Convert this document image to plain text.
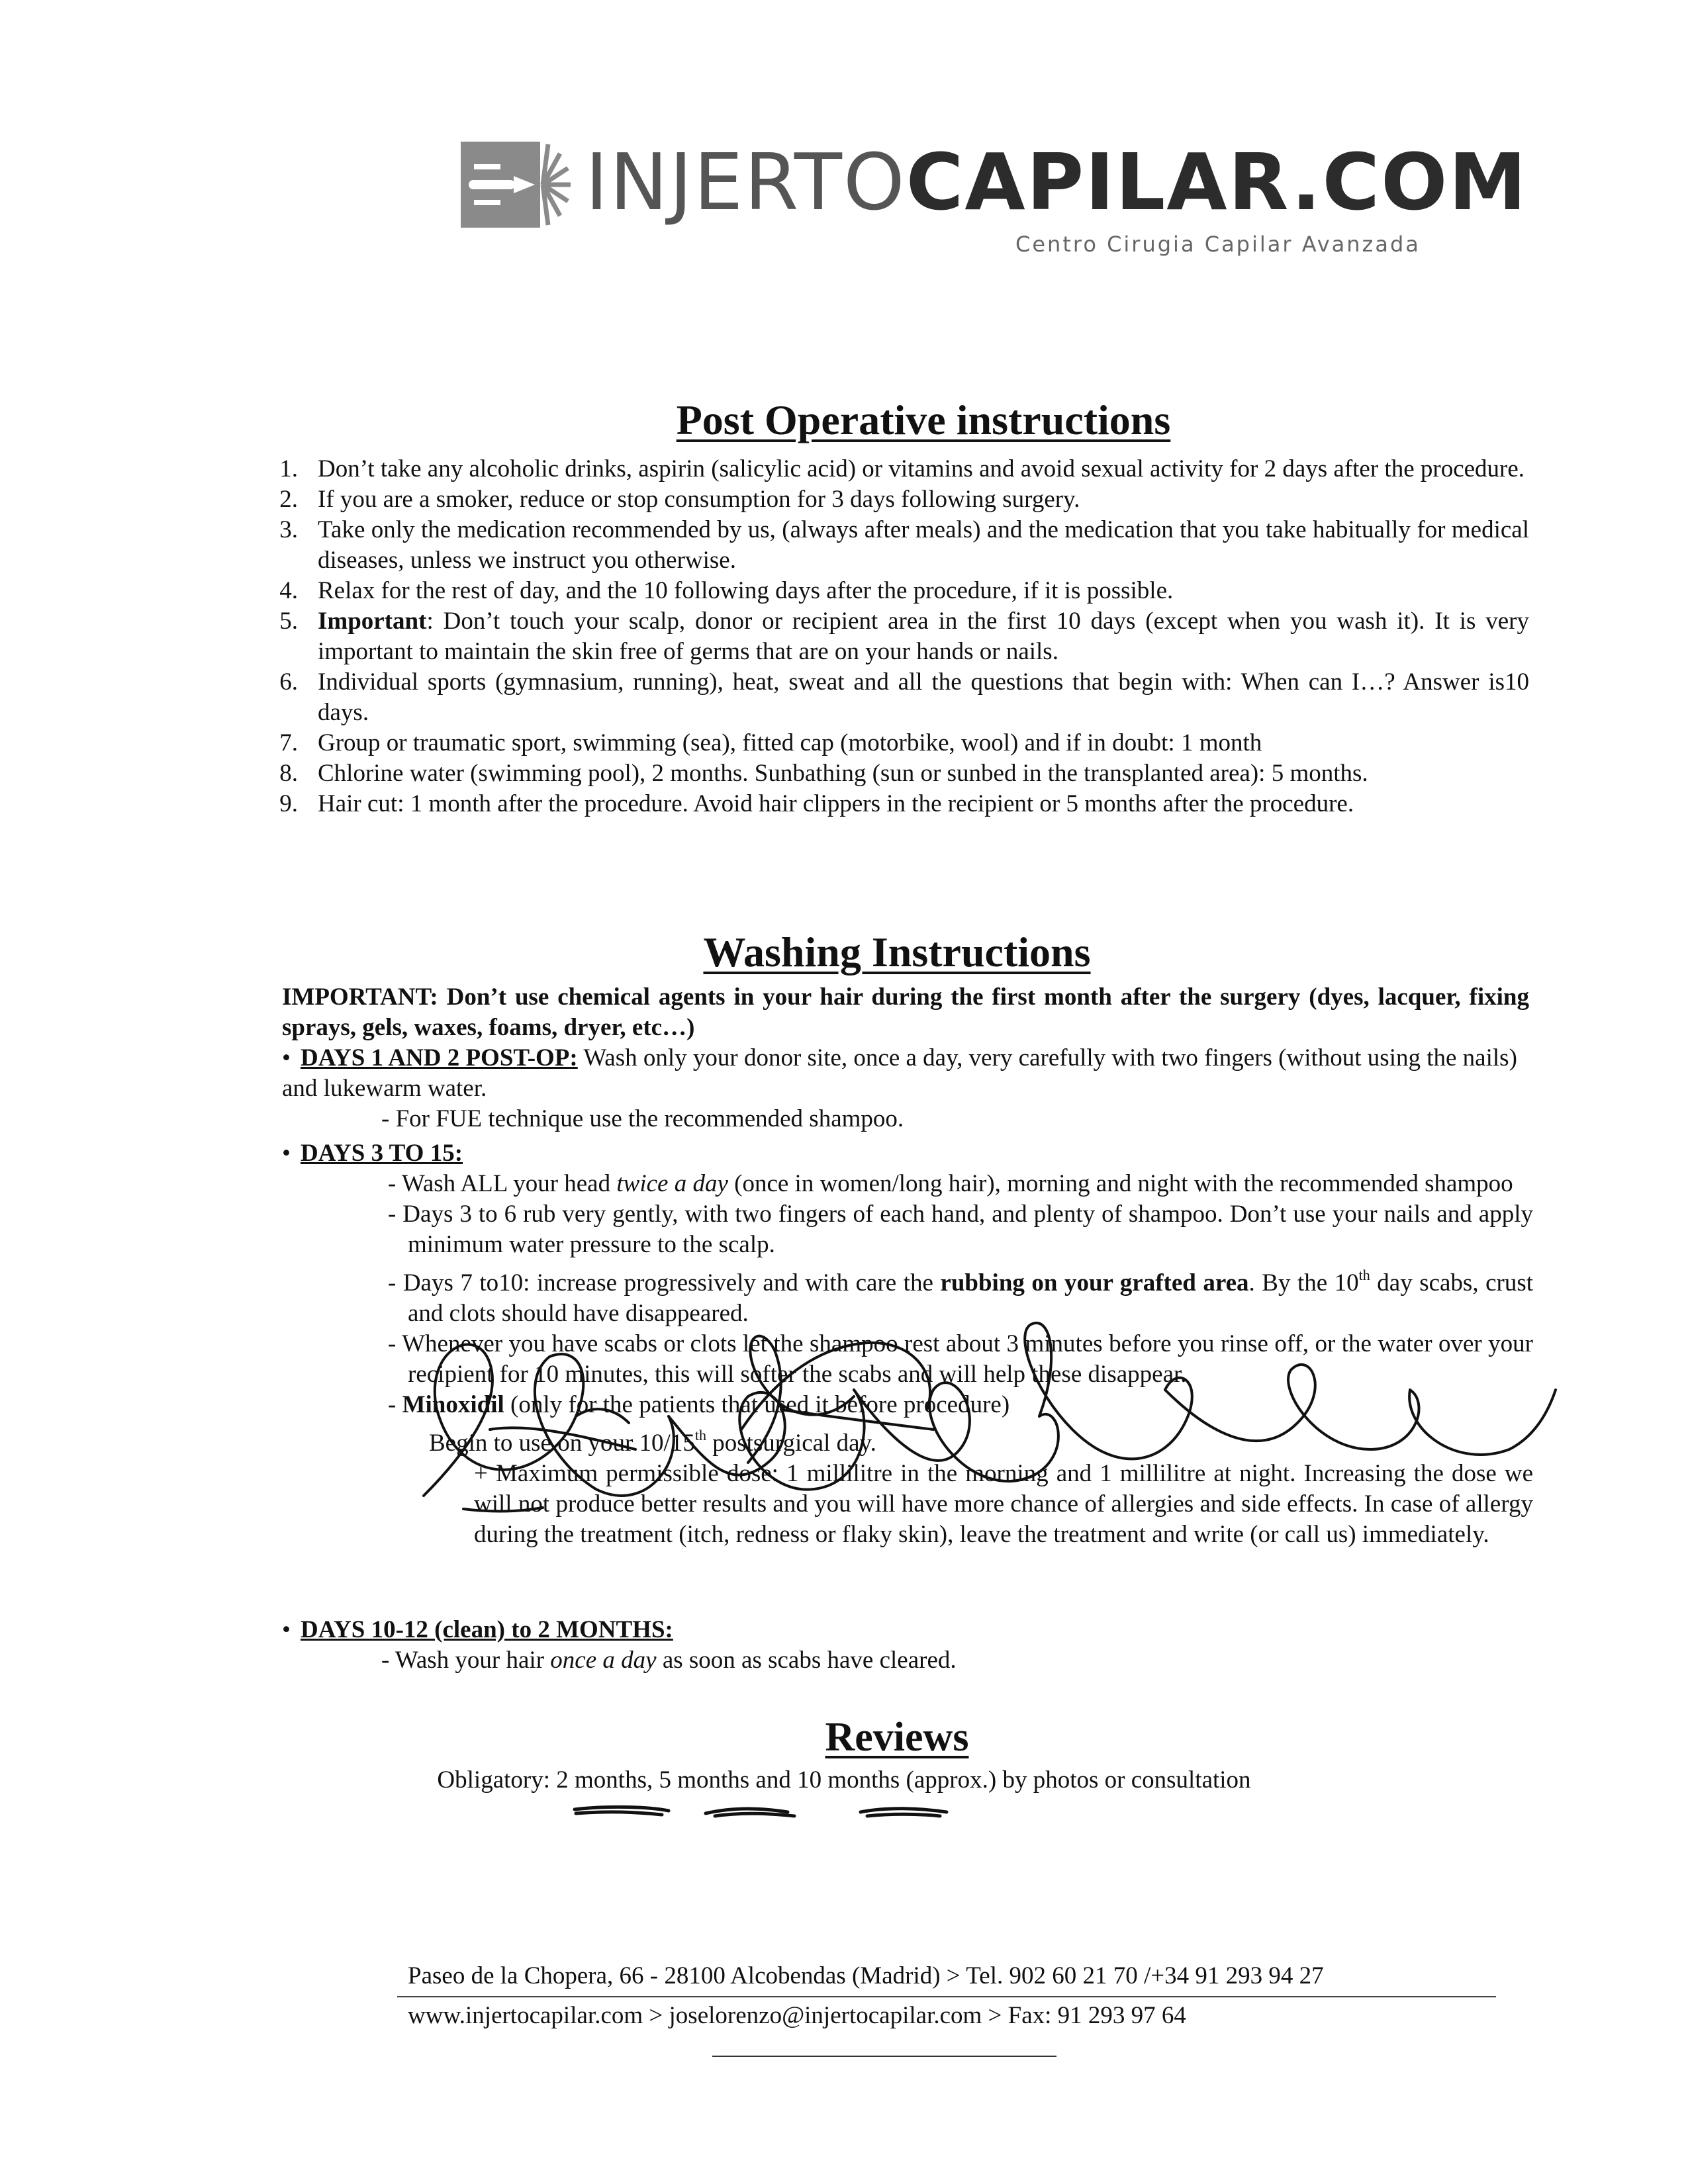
INJERTOCAPILAR.COM
Centro Cirugia Capilar Avanzada
Post Operative instructions
1. Don’t take any alcoholic drinks, aspirin (salicylic acid) or vitamins and avoid sexual activity for 2 days after the procedure.
2. If you are a smoker, reduce or stop consumption for 3 days following surgery.
3. Take only the medication recommended by us, (always after meals) and the medication that you take habitually for medical diseases, unless we instruct you otherwise.
4. Relax for the rest of day, and the 10 following days after the procedure, if it is possible.
5. Important: Don’t touch your scalp, donor or recipient area in the first 10 days (except when you wash it). It is very important to maintain the skin free of germs that are on your hands or nails.
6. Individual sports (gymnasium, running), heat, sweat and all the questions that begin with: When can I…? Answer is10 days.
7. Group or traumatic sport, swimming (sea), fitted cap (motorbike, wool) and if in doubt: 1 month
8. Chlorine water (swimming pool), 2 months. Sunbathing (sun or sunbed in the transplanted area): 5 months.
9. Hair cut: 1 month after the procedure. Avoid hair clippers in the recipient or 5 months after the procedure.
Washing Instructions
IMPORTANT: Don’t use chemical agents in your hair during the first month after the surgery (dyes, lacquer, fixing sprays, gels, waxes, foams, dryer, etc…)
• DAYS 1 AND 2 POST-OP: Wash only your donor site, once a day, very carefully with two fingers (without using the nails) and lukewarm water.
- For FUE technique use the recommended shampoo.
• DAYS 3 TO 15:
- Wash ALL your head twice a day (once in women/long hair), morning and night with the recommended shampoo
- Days 3 to 6 rub very gently, with two fingers of each hand, and plenty of shampoo. Don’t use your nails and apply minimum water pressure to the scalp.
- Days 7 to10: increase progressively and with care the rubbing on your grafted area. By the 10th day scabs, crust and clots should have disappeared.
- Whenever you have scabs or clots let the shampoo rest about 3 minutes before you rinse off, or the water over your recipient for 10 minutes, this will softer the scabs and will help these disappear.
- Minoxidil (only for the patients that used it before procedure)
Begin to use on your 10/15th postsurgical day.
+ Maximum permissible dose: 1 millilitre in the morning and 1 millilitre at night. Increasing the dose we will not produce better results and you will have more chance of allergies and side effects. In case of allergy during the treatment (itch, redness or flaky skin), leave the treatment and write (or call us) immediately.
• DAYS 10-12 (clean) to 2 MONTHS:
- Wash your hair once a day as soon as scabs have cleared.
Reviews
Obligatory: 2 months, 5 months and 10 months (approx.) by photos or consultation
Paseo de la Chopera, 66 - 28100 Alcobendas (Madrid) > Tel. 902 60 21 70 /+34 91 293 94 27
www.injertocapilar.com > joselorenzo@injertocapilar.com > Fax: 91 293 97 64
